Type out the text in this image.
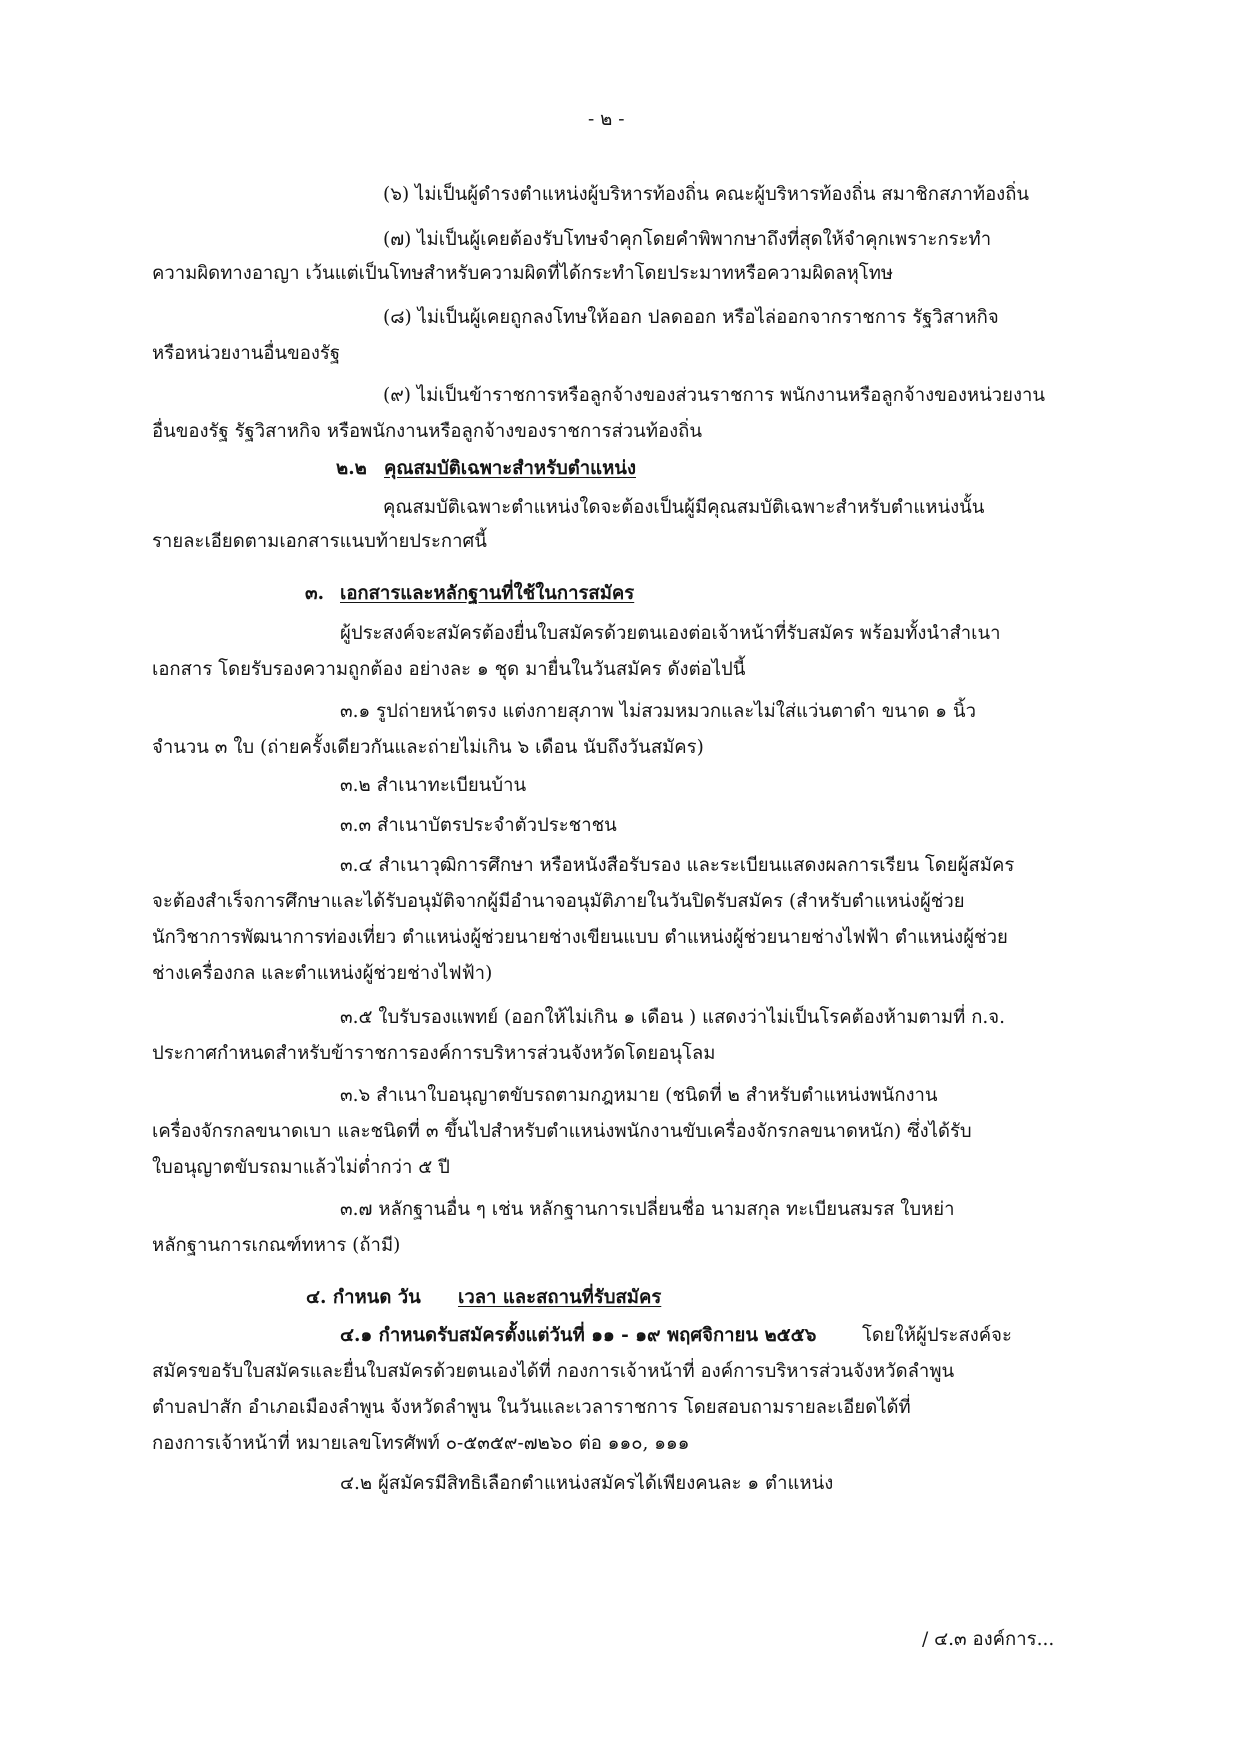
- ๒ -
(๖) ไม่เป็นผู้ดำรงตำแหน่งผู้บริหารท้องถิ่น คณะผู้บริหารท้องถิ่น สมาชิกสภาท้องถิ่น
(๗) ไม่เป็นผู้เคยต้องรับโทษจำคุกโดยคำพิพากษาถึงที่สุดให้จำคุกเพราะกระทำ
ความผิดทางอาญา เว้นแต่เป็นโทษสำหรับความผิดที่ได้กระทำโดยประมาทหรือความผิดลหุโทษ
(๘) ไม่เป็นผู้เคยถูกลงโทษให้ออก ปลดออก หรือไล่ออกจากราชการ รัฐวิสาหกิจ
หรือหน่วยงานอื่นของรัฐ
(๙) ไม่เป็นข้าราชการหรือลูกจ้างของส่วนราชการ พนักงานหรือลูกจ้างของหน่วยงาน
อื่นของรัฐ รัฐวิสาหกิจ หรือพนักงานหรือลูกจ้างของราชการส่วนท้องถิ่น
๒.๒ คุณสมบัติเฉพาะสำหรับตำแหน่ง
คุณสมบัติเฉพาะตำแหน่งใดจะต้องเป็นผู้มีคุณสมบัติเฉพาะสำหรับตำแหน่งนั้น
รายละเอียดตามเอกสารแนบท้ายประกาศนี้
๓. เอกสารและหลักฐานที่ใช้ในการสมัคร
ผู้ประสงค์จะสมัครต้องยื่นใบสมัครด้วยตนเองต่อเจ้าหน้าที่รับสมัคร พร้อมทั้งนำสำเนา
เอกสาร โดยรับรองความถูกต้อง อย่างละ ๑ ชุด มายื่นในวันสมัคร ดังต่อไปนี้
๓.๑ รูปถ่ายหน้าตรง แต่งกายสุภาพ ไม่สวมหมวกและไม่ใส่แว่นตาดำ ขนาด ๑ นิ้ว
จำนวน ๓ ใบ (ถ่ายครั้งเดียวกันและถ่ายไม่เกิน ๖ เดือน นับถึงวันสมัคร)
๓.๒ สำเนาทะเบียนบ้าน
๓.๓ สำเนาบัตรประจำตัวประชาชน
๓.๔ สำเนาวุฒิการศึกษา หรือหนังสือรับรอง และระเบียนแสดงผลการเรียน โดยผู้สมัคร
จะต้องสำเร็จการศึกษาและได้รับอนุมัติจากผู้มีอำนาจอนุมัติภายในวันปิดรับสมัคร (สำหรับตำแหน่งผู้ช่วย
นักวิชาการพัฒนาการท่องเที่ยว ตำแหน่งผู้ช่วยนายช่างเขียนแบบ ตำแหน่งผู้ช่วยนายช่างไฟฟ้า ตำแหน่งผู้ช่วย
ช่างเครื่องกล และตำแหน่งผู้ช่วยช่างไฟฟ้า)
๓.๕ ใบรับรองแพทย์ (ออกให้ไม่เกิน ๑ เดือน ) แสดงว่าไม่เป็นโรคต้องห้ามตามที่ ก.จ.
ประกาศกำหนดสำหรับข้าราชการองค์การบริหารส่วนจังหวัดโดยอนุโลม
๓.๖ สำเนาใบอนุญาตขับรถตามกฎหมาย (ชนิดที่ ๒ สำหรับตำแหน่งพนักงาน
เครื่องจักรกลขนาดเบา และชนิดที่ ๓ ขึ้นไปสำหรับตำแหน่งพนักงานขับเครื่องจักรกลขนาดหนัก) ซึ่งได้รับ
ใบอนุญาตขับรถมาแล้วไม่ต่ำกว่า ๕ ปี
๓.๗ หลักฐานอื่น ๆ เช่น หลักฐานการเปลี่ยนชื่อ นามสกุล ทะเบียนสมรส ใบหย่า
หลักฐานการเกณฑ์ทหาร (ถ้ามี)
๔. กำหนด วัน เวลา และสถานที่รับสมัคร
๔.๑ กำหนดรับสมัครตั้งแต่วันที่ ๑๑ - ๑๙ พฤศจิกายน ๒๕๕๖ โดยให้ผู้ประสงค์จะ
สมัครขอรับใบสมัครและยื่นใบสมัครด้วยตนเองได้ที่ กองการเจ้าหน้าที่ องค์การบริหารส่วนจังหวัดลำพูน
ตำบลปาสัก อำเภอเมืองลำพูน จังหวัดลำพูน ในวันและเวลาราชการ โดยสอบถามรายละเอียดได้ที่
กองการเจ้าหน้าที่ หมายเลขโทรศัพท์ ๐-๕๓๕๙-๗๒๖๐ ต่อ ๑๑๐, ๑๑๑
๔.๒ ผู้สมัครมีสิทธิเลือกตำแหน่งสมัครได้เพียงคนละ ๑ ตำแหน่ง
/ ๔.๓ องค์การ...
